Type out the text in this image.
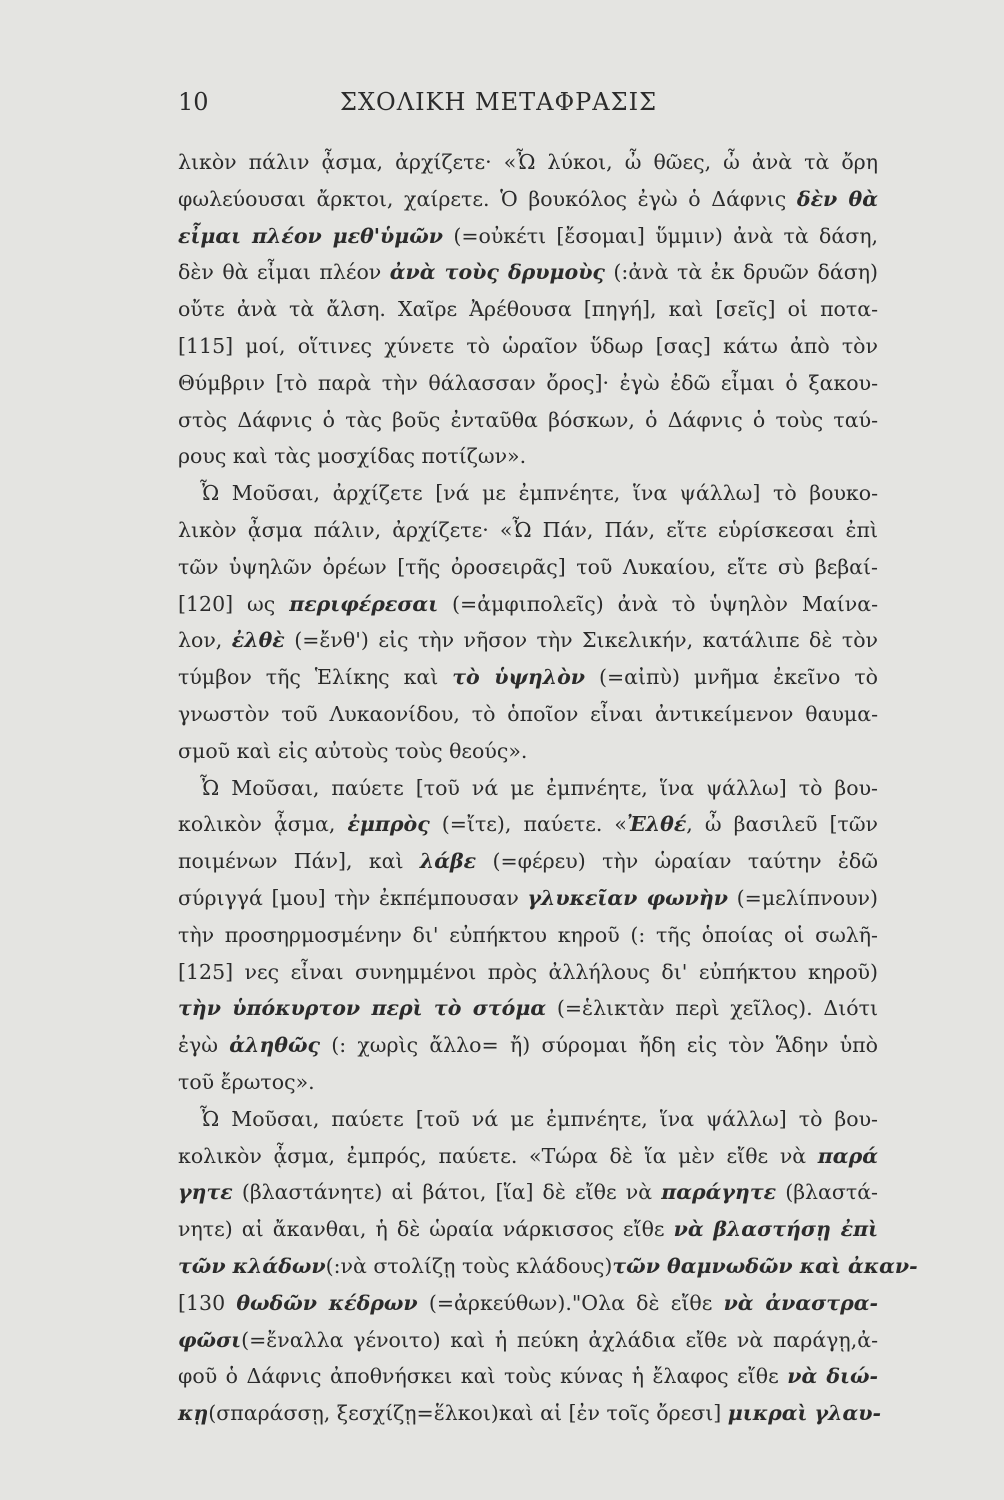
10	ΣΧΟΛΙΚΗ ΜΕΤΑΦΡΑΣΙΣ
λικὸν πάλιν ᾆσμα, ἀρχίζετε· «Ὦ λύκοι, ὦ θῶες, ὦ ἀνὰ τὰ ὄρη
φωλεύουσαι ἄρκτοι, χαίρετε. Ὁ βουκόλος ἐγὼ ὁ Δάφνις δὲν θὰ
εἶμαι πλέον μεθ'ὑμῶν (=οὐκέτι [ἔσομαι] ὕμμιν) ἀνὰ τὰ δάση,
δὲν θὰ εἶμαι πλέον ἀνὰ τοὺς δρυμοὺς (:ἀνὰ τὰ ἐκ δρυῶν δάση)
οὔτε ἀνὰ τὰ ἄλση. Χαῖρε Ἀρέθουσα [πηγή], καὶ [σεῖς] οἱ ποτα-
[115] μοί, οἵτινες χύνετε τὸ ὡραῖον ὕδωρ [σας] κάτω ἀπὸ τὸν
Θύμβριν [τὸ παρὰ τὴν θάλασσαν ὄρος]· ἐγὼ ἐδῶ εἶμαι ὁ ξακου-
στὸς Δάφνις ὁ τὰς βοῦς ἐνταῦθα βόσκων, ὁ Δάφνις ὁ τοὺς ταύ-
ρους καὶ τὰς μοσχίδας ποτίζων».
Ὦ Μοῦσαι, ἀρχίζετε [νά με ἐμπνέητε, ἵνα ψάλλω] τὸ βουκο-
λικὸν ᾆσμα πάλιν, ἀρχίζετε· «Ὦ Πάν, Πάν, εἴτε εὑρίσκεσαι ἐπὶ
τῶν ὑψηλῶν ὀρέων [τῆς ὀροσειρᾶς] τοῦ Λυκαίου, εἴτε σὺ βεβαί-
[120] ως περιφέρεσαι (=ἀμφιπολεῖς) ἀνὰ τὸ ὑψηλὸν Μαίνα-
λον, ἐλθὲ (=ἔνθ') εἰς τὴν νῆσον τὴν Σικελικήν, κατάλιπε δὲ τὸν
τύμβον τῆς Ἑλίκης καὶ τὸ ὑψηλὸν (=αἰπὺ) μνῆμα ἐκεῖνο τὸ
γνωστὸν τοῦ Λυκαονίδου, τὸ ὁποῖον εἶναι ἀντικείμενον θαυμα-
σμοῦ καὶ εἰς αὐτοὺς τοὺς θεούς».
Ὦ Μοῦσαι, παύετε [τοῦ νά με ἐμπνέητε, ἵνα ψάλλω] τὸ βου-
κολικὸν ᾆσμα, ἐμπρὸς (=ἴτε), παύετε. «Ἐλθέ, ὦ βασιλεῦ [τῶν
ποιμένων Πάν], καὶ λάβε (=φέρευ) τὴν ὡραίαν ταύτην ἐδῶ
σύριγγά [μου] τὴν ἐκπέμπουσαν γλυκεῖαν φωνὴν (=μελίπνουν)
τὴν προσηρμοσμένην δι' εὐπήκτου κηροῦ (: τῆς ὁποίας οἱ σωλῆ-
[125] νες εἶναι συνημμένοι πρὸς ἀλλήλους δι' εὐπήκτου κηροῦ)
τὴν ὑπόκυρτον περὶ τὸ στόμα (=ἑλικτὰν περὶ χεῖλος). Διότι
ἐγὼ ἀληθῶς (: χωρὶς ἄλλο= ἤ) σύρομαι ἤδη εἰς τὸν Ἅδην ὑπὸ
τοῦ ἔρωτος».
Ὦ Μοῦσαι, παύετε [τοῦ νά με ἐμπνέητε, ἵνα ψάλλω] τὸ βου-
κολικὸν ᾆσμα, ἐμπρός, παύετε. «Τώρα δὲ ἵα μὲν εἴθε νὰ παρά
γητε (βλαστάνητε) αἱ βάτοι, [ἵα] δὲ εἴθε νὰ παράγητε (βλαστά-
νητε) αἱ ἄκανθαι, ἡ δὲ ὡραία νάρκισσος εἴθε νὰ βλαστήσῃ ἐπὶ
τῶν κλάδων(:νὰ στολίζῃ τοὺς κλάδους)τῶν θαμνωδῶν καὶ ἀκαν-
[130 θωδῶν κέδρων (=ἀρκεύθων)."Ολα δὲ εἴθε νὰ ἀναστρα-
φῶσι(=ἔναλλα γένοιτο) καὶ ἡ πεύκη ἀχλάδια εἴθε νὰ παράγῃ,ἀ-
φοῦ ὁ Δάφνις ἀποθνήσκει καὶ τοὺς κύνας ἡ ἔλαφος εἴθε νὰ διώ-
κῃ(σπαράσσῃ, ξεσχίζῃ=ἕλκοι)καὶ αἱ [ἐν τοῖς ὄρεσι] μικραὶ γλαυ-
